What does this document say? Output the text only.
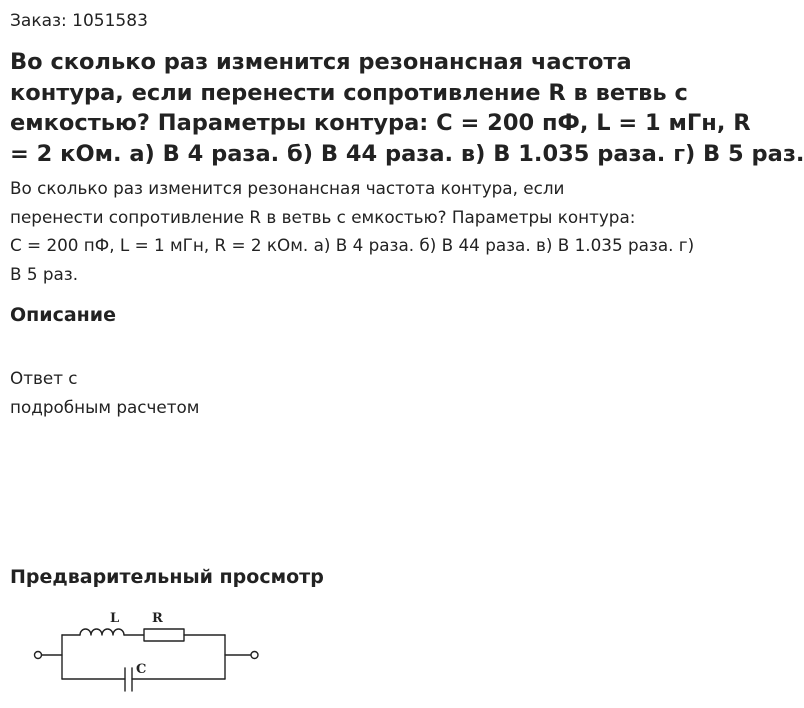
Заказ: 1051583
Во сколько раз изменится резонансная частота
контура, если перенести сопротивление R в ветвь с
емкостью? Параметры контура: C = 200 пФ, L = 1 мГн, R
= 2 кОм. а) В 4 раза. б) В 44 раза. в) В 1.035 раза. г) В 5 раз.
Во сколько раз изменится резонансная частота контура, если
перенести сопротивление R в ветвь с емкостью? Параметры контура:
C = 200 пФ, L = 1 мГн, R = 2 кОм. а) В 4 раза. б) В 44 раза. в) В 1.035 раза. г)
В 5 раз.
Описание
Ответ с
подробным расчетом
Предварительный просмотр
L	R
C
